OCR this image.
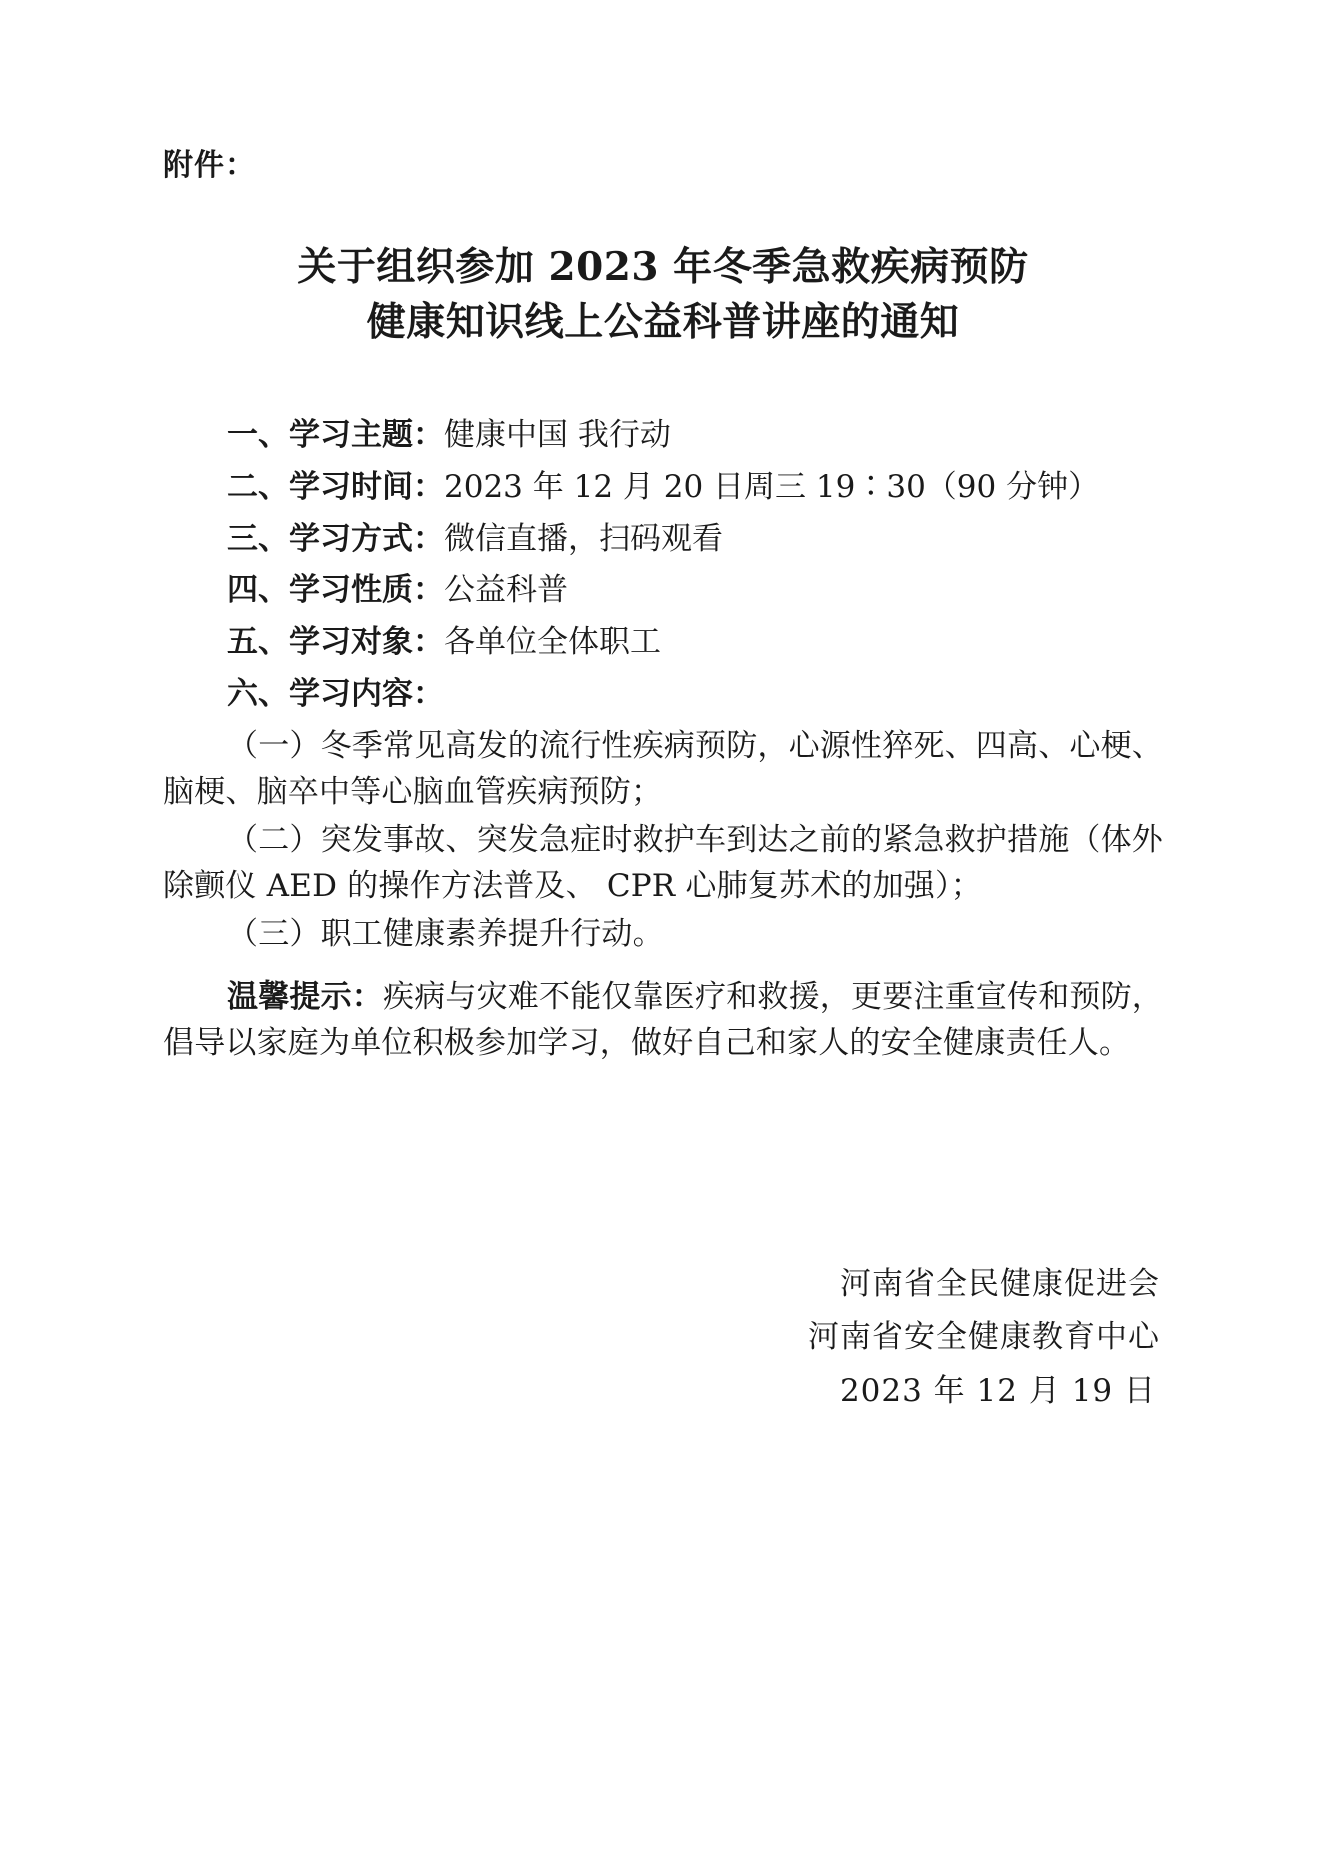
附件：
关于组织参加 2023 年冬季急救疾病预防
健康知识线上公益科普讲座的通知

一、学习主题：健康中国 我行动

二、学习时间：2023 年 12 月 20 日周三 19∶30（90 分钟）

三、学习方式：微信直播，扫码观看

四、学习性质：公益科普

五、学习对象：各单位全体职工

六、学习内容：

（一）冬季常见高发的流行性疾病预防，心源性猝死、四高、心梗、脑梗、脑卒中等心脑血管疾病预防；

（二）突发事故、突发急症时救护车到达之前的紧急救护措施（体外除颤仪 AED 的操作方法普及、 CPR 心肺复苏术的加强）；

（三）职工健康素养提升行动。

温馨提示：疾病与灾难不能仅靠医疗和救援，更要注重宣传和预防，倡导以家庭为单位积极参加学习，做好自己和家人的安全健康责任人。

河南省全民健康促进会
河南省安全健康教育中心
2023 年 12 月 19 日
